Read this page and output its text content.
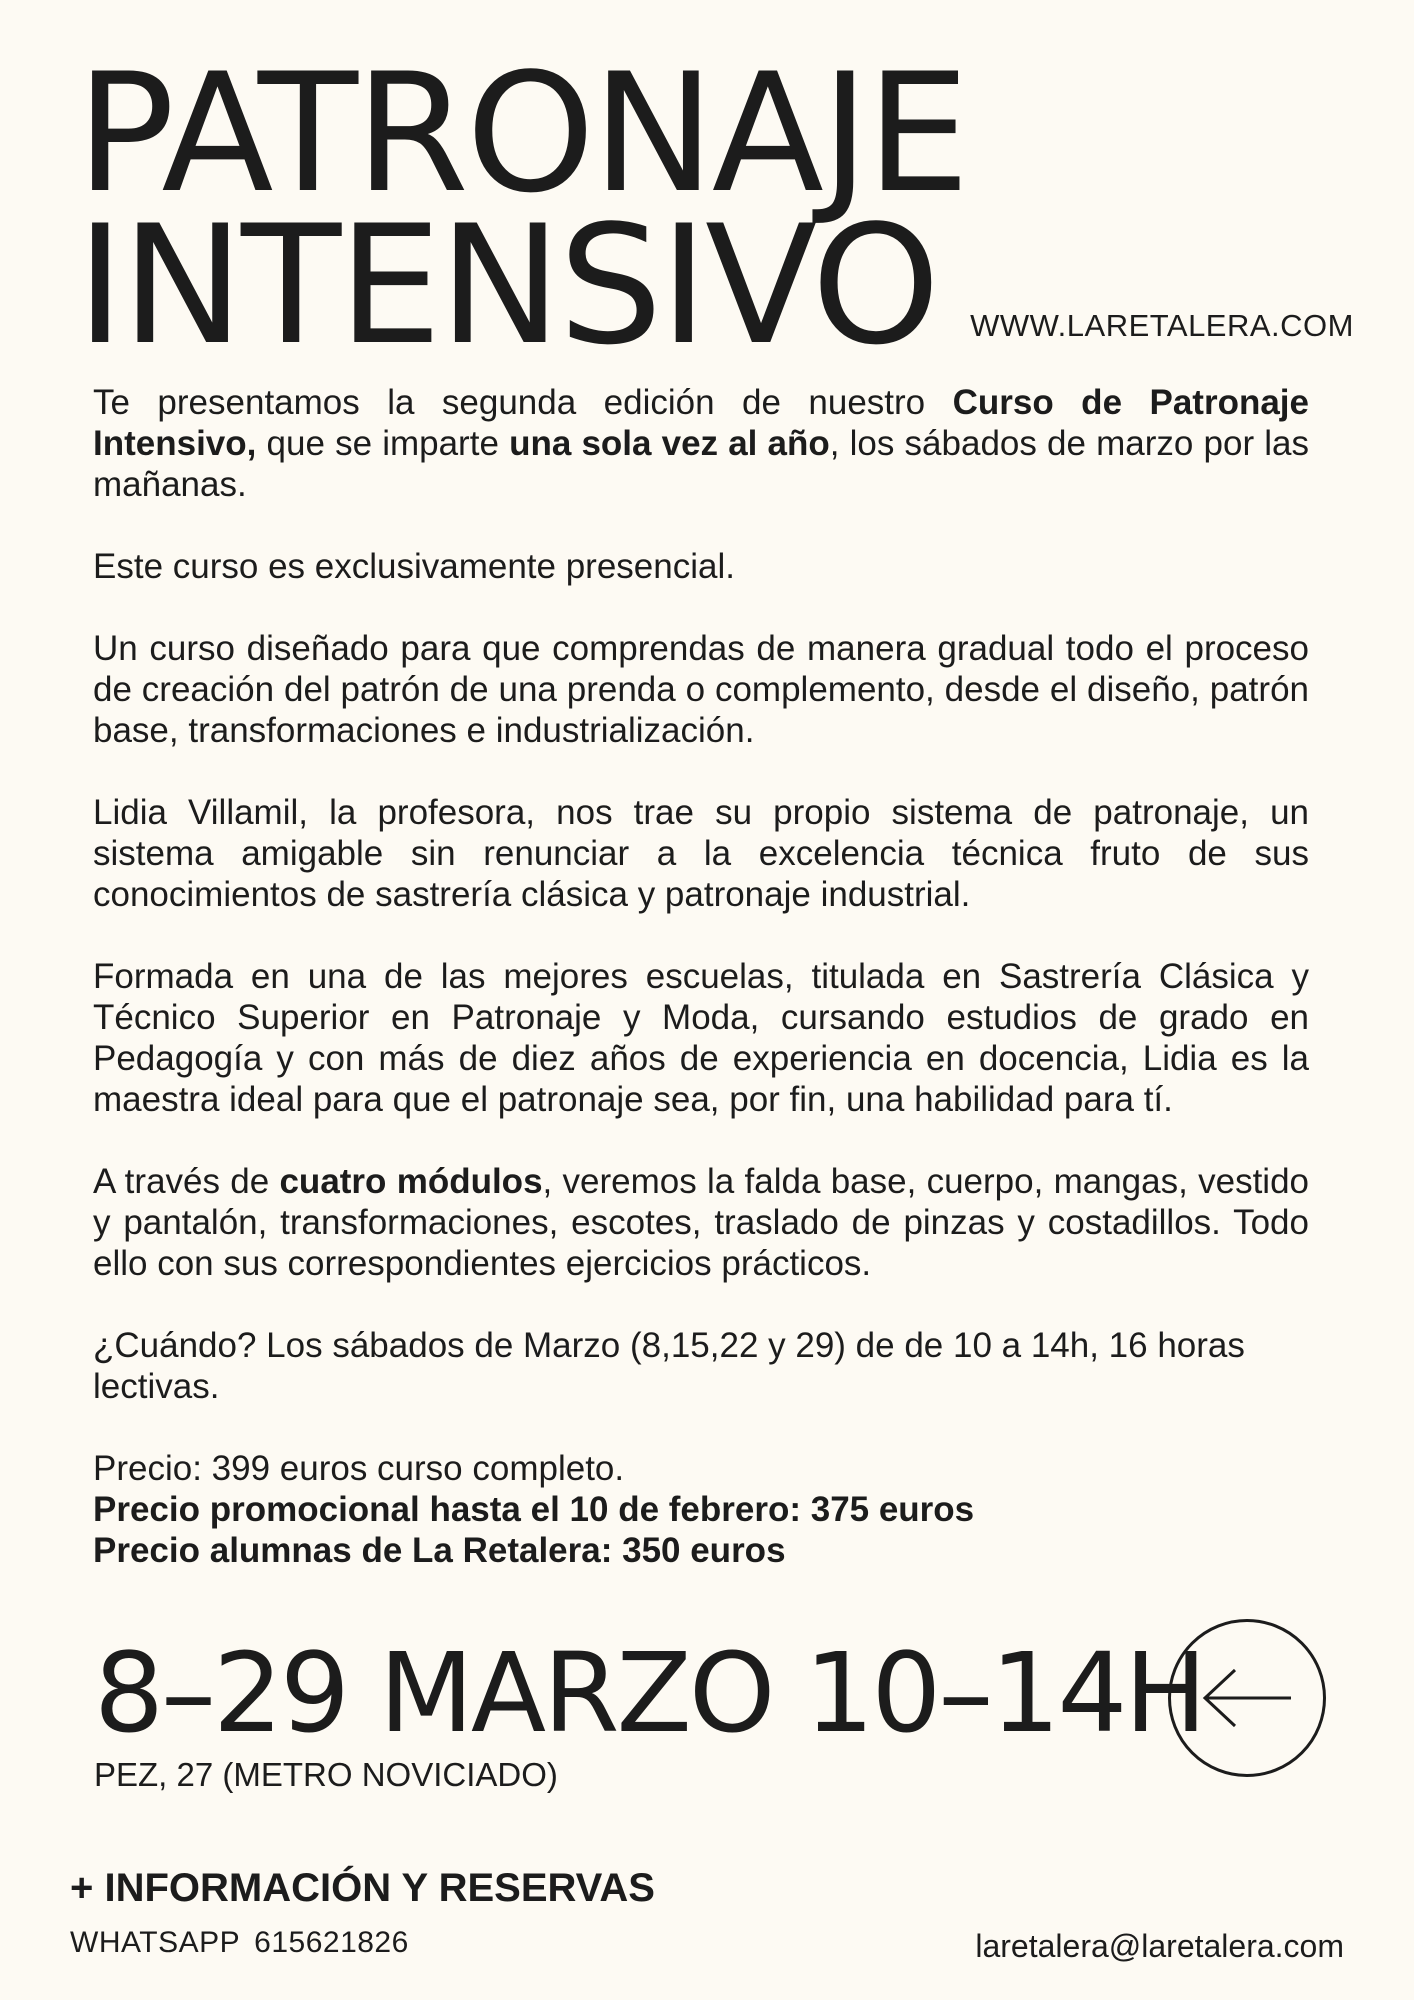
PATRONAJE
INTENSIVO	WWW.LARETALERA.COM

Te presentamos la segunda edición de nuestro Curso de Patronaje Intensivo, que se imparte una sola vez al año, los sábados de marzo por las mañanas.

Este curso es exclusivamente presencial.

Un curso diseñado para que comprendas de manera gradual todo el proceso de creación del patrón de una prenda o complemento, desde el diseño, patrón base, transformaciones e industrialización.

Lidia Villamil, la profesora, nos trae su propio sistema de patronaje, un sistema amigable sin renunciar a la excelencia técnica fruto de sus conocimientos de sastrería clásica y patronaje industrial.

Formada en una de las mejores escuelas, titulada en Sastrería Clásica y Técnico Superior en Patronaje y Moda, cursando estudios de grado en Pedagogía y con más de diez años de experiencia en docencia, Lidia es la maestra ideal para que el patronaje sea, por fin, una habilidad para tí.

A través de cuatro módulos, veremos la falda base, cuerpo, mangas, vestido y pantalón, transformaciones, escotes, traslado de pinzas y costadillos. Todo ello con sus correspondientes ejercicios prácticos.

¿Cuándo? Los sábados de Marzo (8,15,22 y 29) de de 10 a 14h, 16 horas lectivas.

Precio: 399 euros curso completo.
Precio promocional hasta el 10 de febrero: 375 euros
Precio alumnas de La Retalera: 350 euros

8–29 MARZO 10–14H
PEZ, 27 (METRO NOVICIADO)
+ INFORMACIÓN Y RESERVAS
WHATSAPP 615621826	laretalera@laretalera.com
